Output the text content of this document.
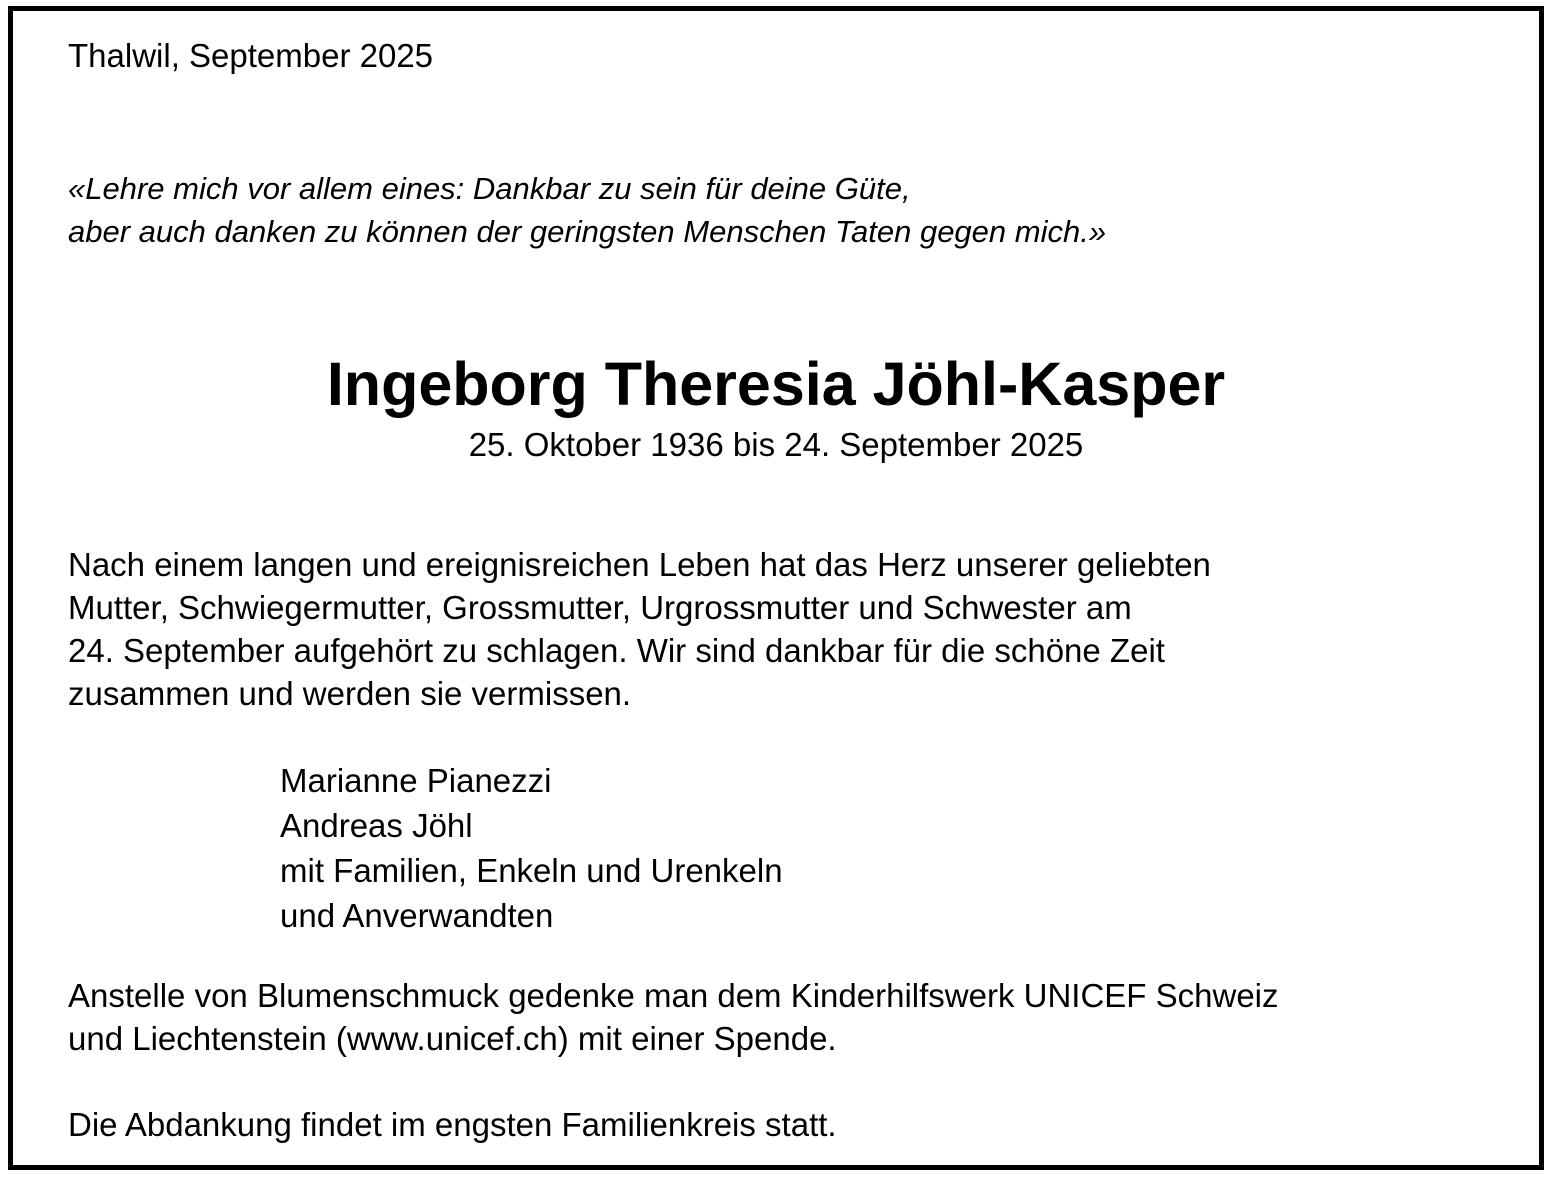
Thalwil, September 2025
«Lehre mich vor allem eines: Dankbar zu sein für deine Güte,
aber auch danken zu können der geringsten Menschen Taten gegen mich.»
Ingeborg Theresia Jöhl-Kasper
25. Oktober 1936 bis 24. September 2025
Nach einem langen und ereignisreichen Leben hat das Herz unserer geliebten
Mutter, Schwiegermutter, Grossmutter, Urgrossmutter und Schwester am
24. September aufgehört zu schlagen. Wir sind dankbar für die schöne Zeit
zusammen und werden sie vermissen.
Marianne Pianezzi
Andreas Jöhl
mit Familien, Enkeln und Urenkeln
und Anverwandten
Anstelle von Blumenschmuck gedenke man dem Kinderhilfswerk UNICEF Schweiz
und Liechtenstein (www.unicef.ch) mit einer Spende.
Die Abdankung findet im engsten Familienkreis statt.
